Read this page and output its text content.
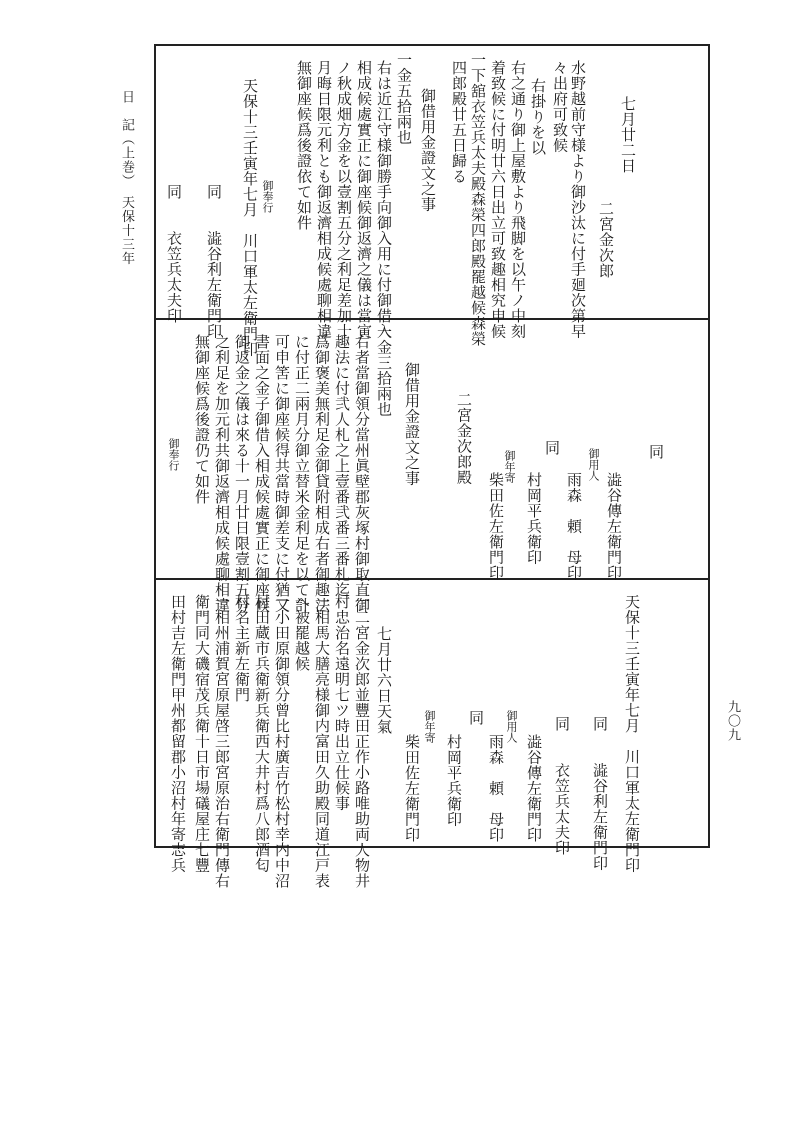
日　記（上巻）　天保十三年
九〇九
七月廿二日
二宮金次郎
水野越前守様より御沙汰に付手廻次第早
々出府可致候
右掛りを以
右之通り御上屋敷より飛脚を以午ノ中刻
着致候に付明廿六日出立可致趣相究申候
一下舘衣笠兵太夫殿森榮四郎殿罷越候森榮
四郎殿廿五日歸る
御借用金證文之事
一金五拾兩也
右は近江守様御勝手向御入用に付御借入
相成候處實正に御座候御返濟之儀は當寅
ノ秋成畑方金を以壹割五分之利足差加十
月晦日限元利とも御返濟相成候處聊相違
無御座候爲後證依て如件
御奉行
天保十三壬寅年七月　川口軍太左衛門印
同　　澁谷利左衛門印
同　　衣笠兵太夫印
同
御用人
澁谷傳左衛門印
雨森　頼　母印
同
村岡平兵衛印
御年寄
柴田佐左衛門印
二宮金次郎殿
御借用金證文之事
一金三拾兩也
右者當御領分當州眞壁郡灰塚村御取直御
趣法に付弐人札之上壹番弐番三番札迄
爲御褒美無利足金御貸附相成右者御趣法
に付正二兩月分御立替米金利足を以て計
可申筈に御座候得共當時御差支に付猶又
書面之金子御借入相成候處實正に御座候
御返金之儀は來る十一月廿日限壹割五分
之利足を加元利共御返濟相成候處聊相違
無御座候爲後證仍て如件
御奉行
天保十三壬寅年七月　川口軍太左衛門印
同　　澁谷利左衛門印
同　　衣笠兵太夫印
御用人
澁谷傳左衛門印
雨森　頼　母印
同
村岡平兵衛印
御年寄
柴田佐左衛門印
七月廿六日天氣
一二宮金次郎並豐田正作小路唯助両人物井
村忠治名遠明七ツ時出立仕候事
一相馬大膳亮様御内富田久助殿同道江戸表
へ被罷越候
一小田原御領分曾比村廣吉竹松村幸内中沼
村田蔵市兵衛新兵衛西大井村爲八郎酒匂
村名主新左衛門
一相州浦賀宮原屋啓三郎宮原治右衛門傳右
衛門同大磯宿茂兵衛十日市場礒屋庄七豐
田村吉左衛門甲州都留郡小沼村年寄志兵
